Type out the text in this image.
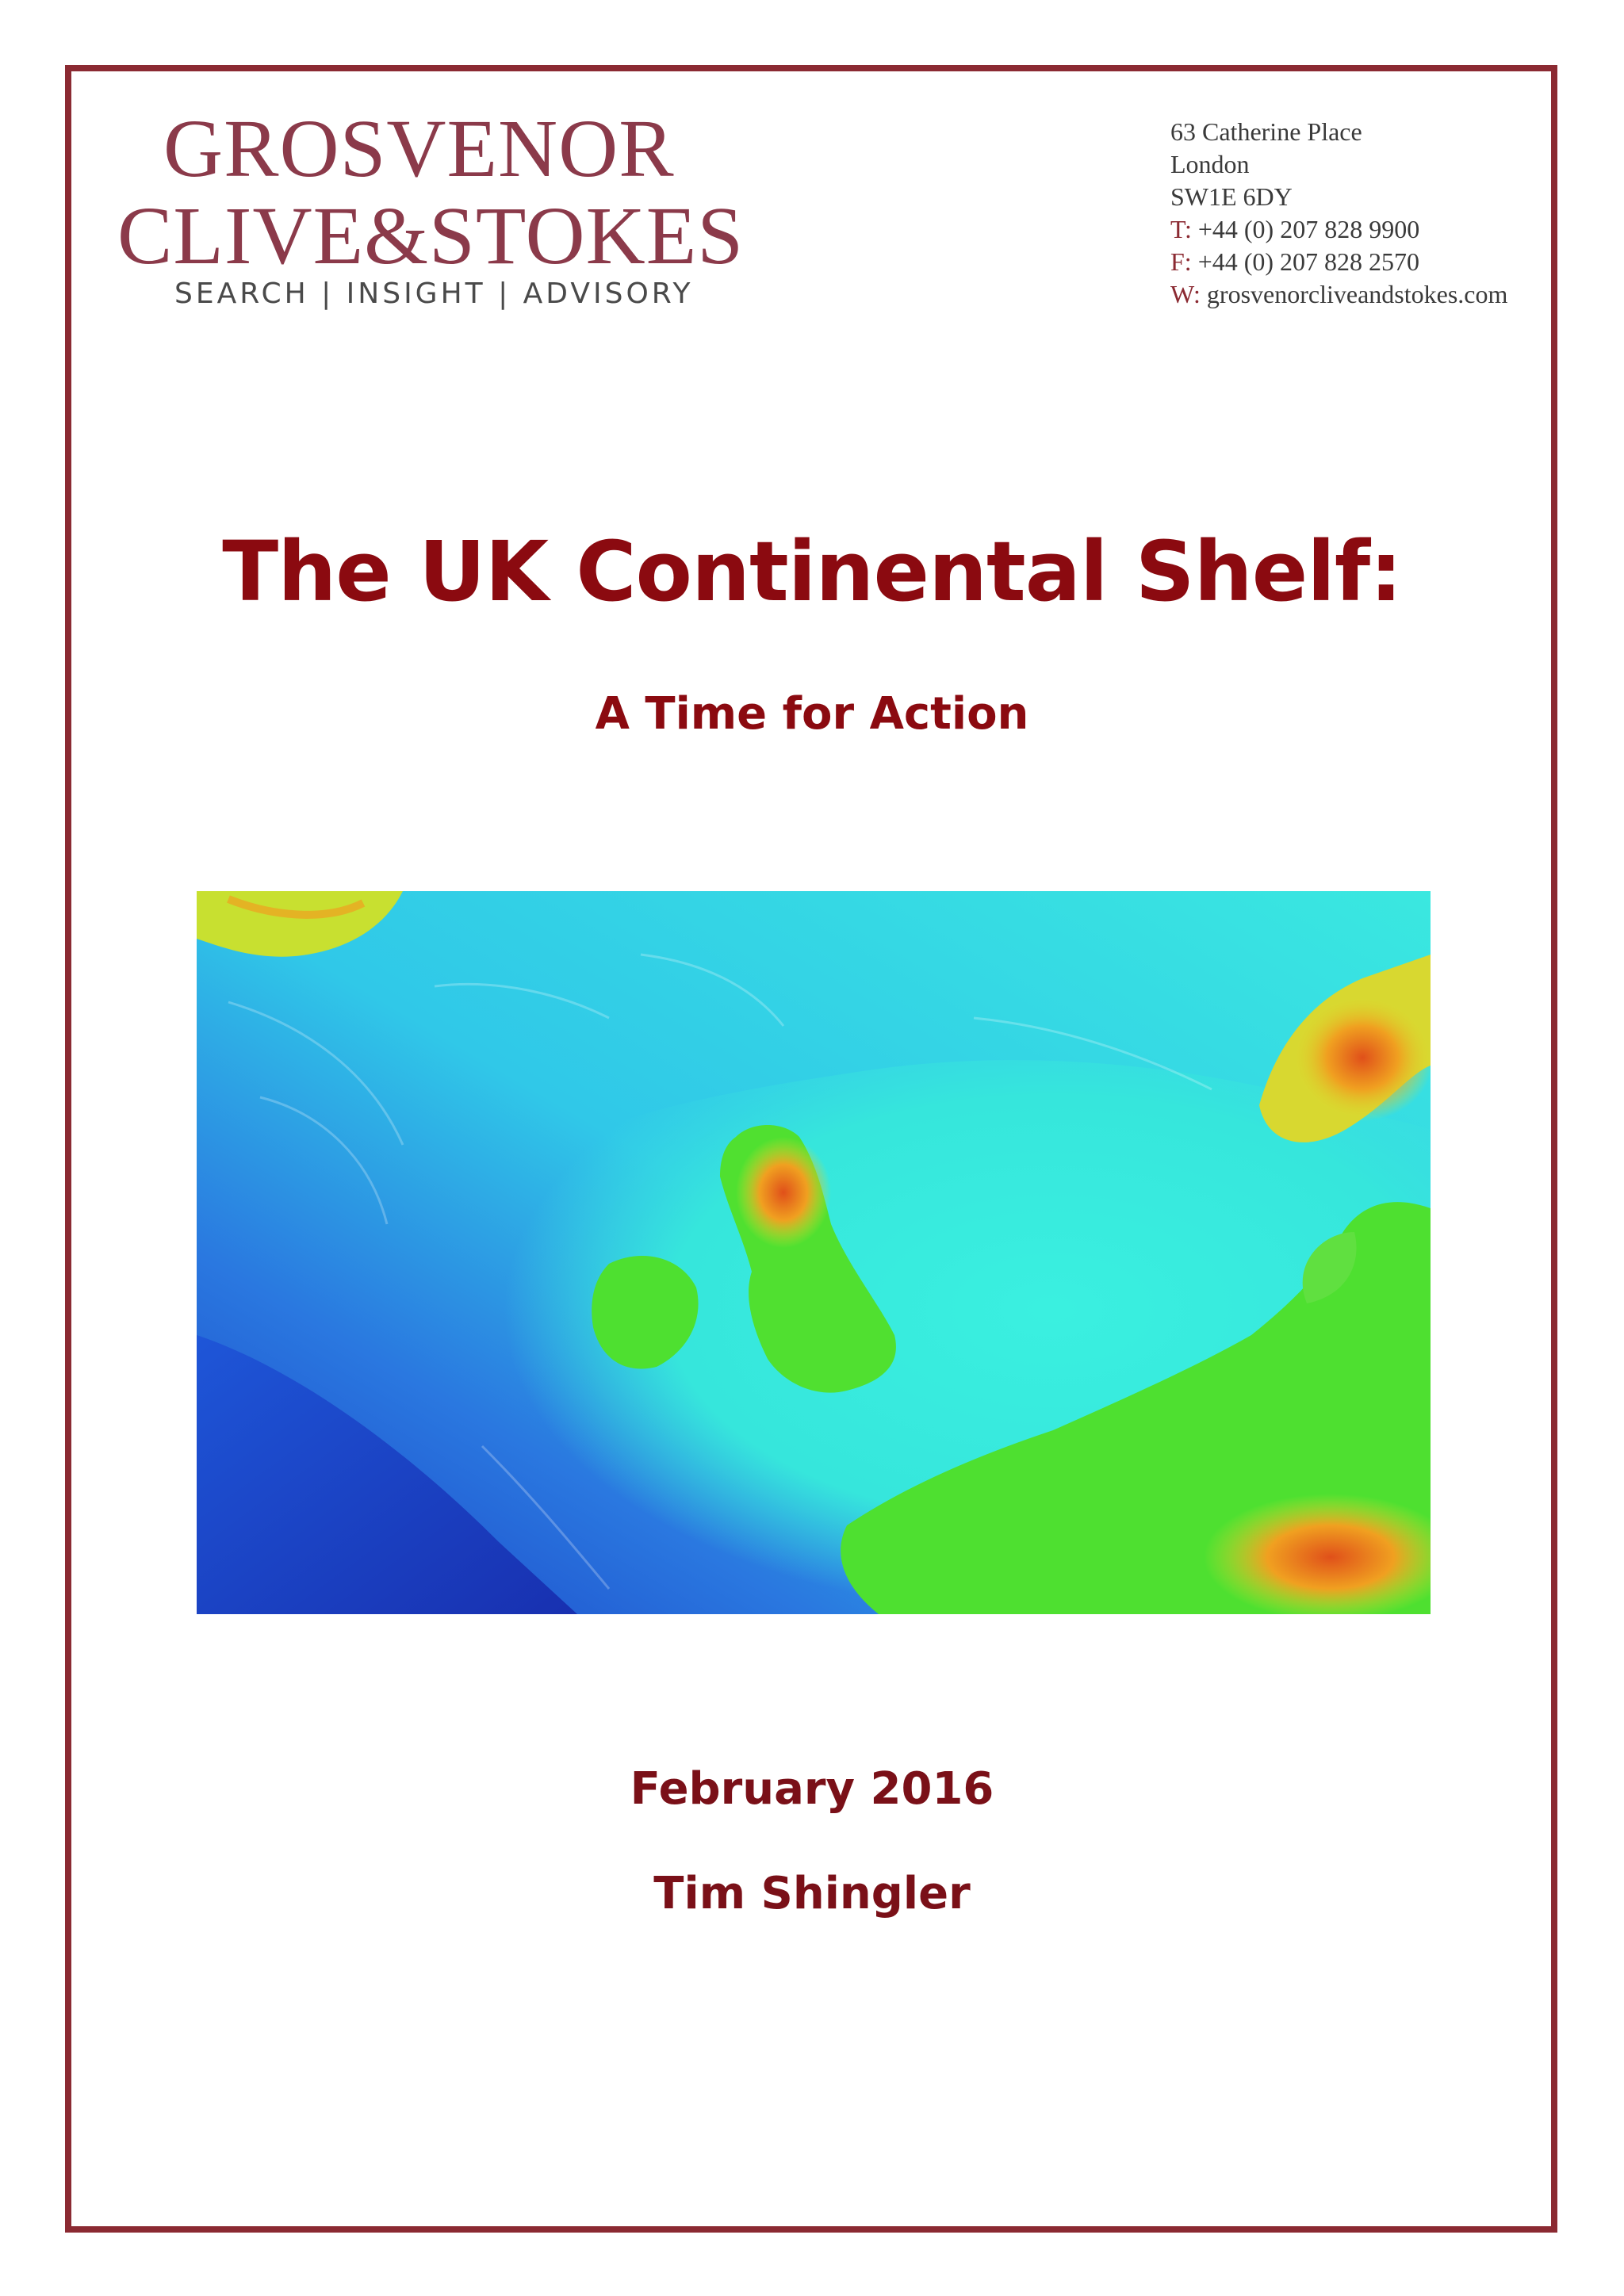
GROSVENOR
CLIVE&STOKES
SEARCH | INSIGHT | ADVISORY
63 Catherine Place
London
SW1E 6DY
T: +44 (0) 207 828 9900
F: +44 (0) 207 828 2570
W: grosvenorcliveandstokes.com
The UK Continental Shelf:
A Time for Action
February 2016
Tim Shingler
